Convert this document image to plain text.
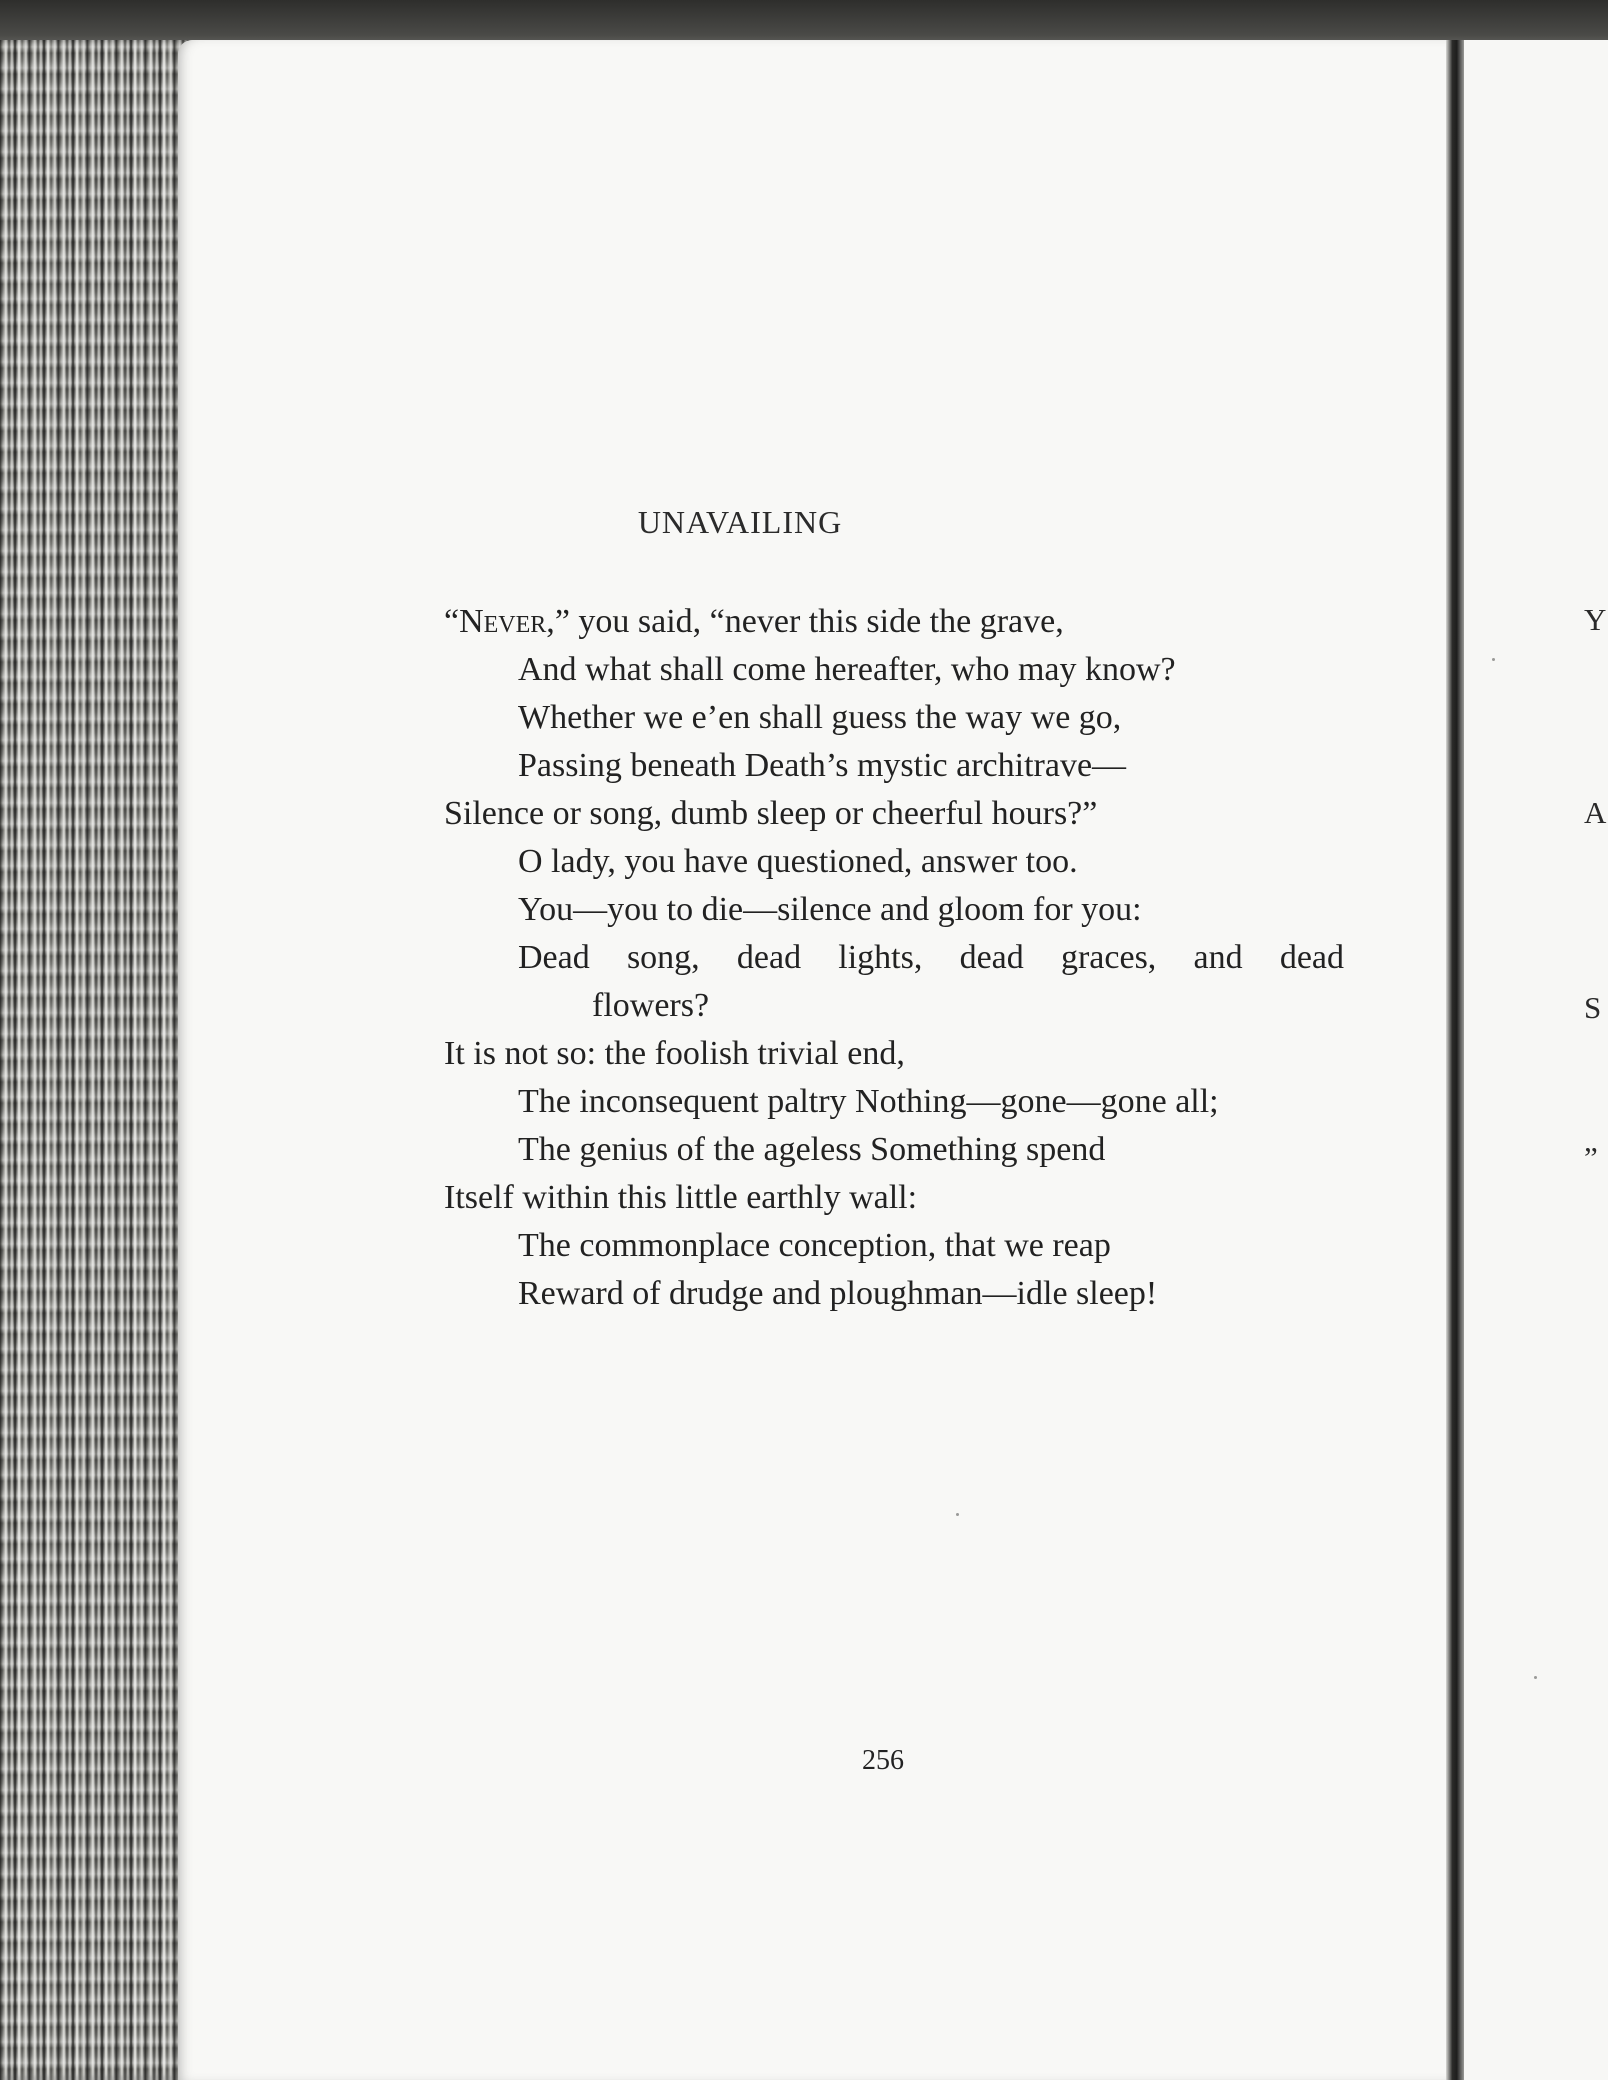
Y
A
S
”
UNAVAILING
“Never,” you said, “never this side the grave,
And what shall come hereafter, who may know?
Whether we e’en shall guess the way we go,
Passing beneath Death’s mystic architrave—
Silence or song, dumb sleep or cheerful hours?”
O lady, you have questioned, answer too.
You—you to die—silence and gloom for you:
Dead song, dead lights, dead graces, and dead
flowers?
It is not so: the foolish trivial end,
The inconsequent paltry Nothing—gone—gone all;
The genius of the ageless Something spend
Itself within this little earthly wall:
The commonplace conception, that we reap
Reward of drudge and ploughman—idle sleep!
256
